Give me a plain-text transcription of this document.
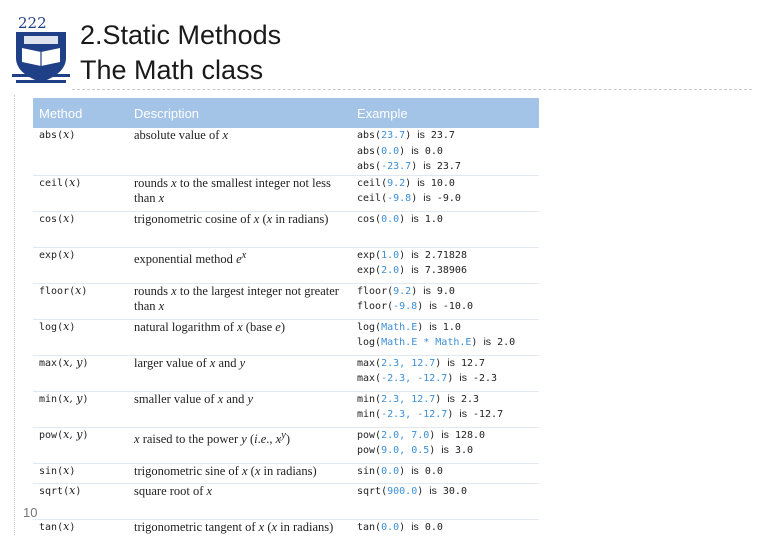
222 2.Static Methods
The Math class
Method	Description	Example
abs(x)	absolute value of x	abs(23.7) is 23.7
abs(0.0) is 0.0
abs(-23.7) is 23.7

ceil(x)	rounds x to the smallest integer not less than x	ceil(9.2) is 10.0
ceil(-9.8) is -9.0

cos(x)	trigonometric cosine of x (x in radians)	cos(0.0) is 1.0

exp(x)	exponential method $e^x$	exp(1.0) is 2.71828
exp(2.0) is 7.38906

floor(x)	rounds x to the largest integer not greater than x	floor(9.2) is 9.0
floor(-9.8) is -10.0

log(x)	natural logarithm of x (base e)	log(Math.E) is 1.0
log(Math.E * Math.E) is 2.0

max(x, y)	larger value of x and y	max(2.3, 12.7) is 12.7
max(-2.3, -12.7) is -2.3

min(x, y)	smaller value of x and y	min(2.3, 12.7) is 2.3
min(-2.3, -12.7) is -12.7

pow(x, y)	x raised to the power y (i.e., $x^y$)	pow(2.0, 7.0) is 128.0
pow(9.0, 0.5) is 3.0

sin(x)	trigonometric sine of x (x in radians)	sin(0.0) is 0.0

sqrt(x)	square root of x	sqrt(900.0) is 30.0

tan(x)	trigonometric tangent of x (x in radians)	tan(0.0) is 0.0
10
